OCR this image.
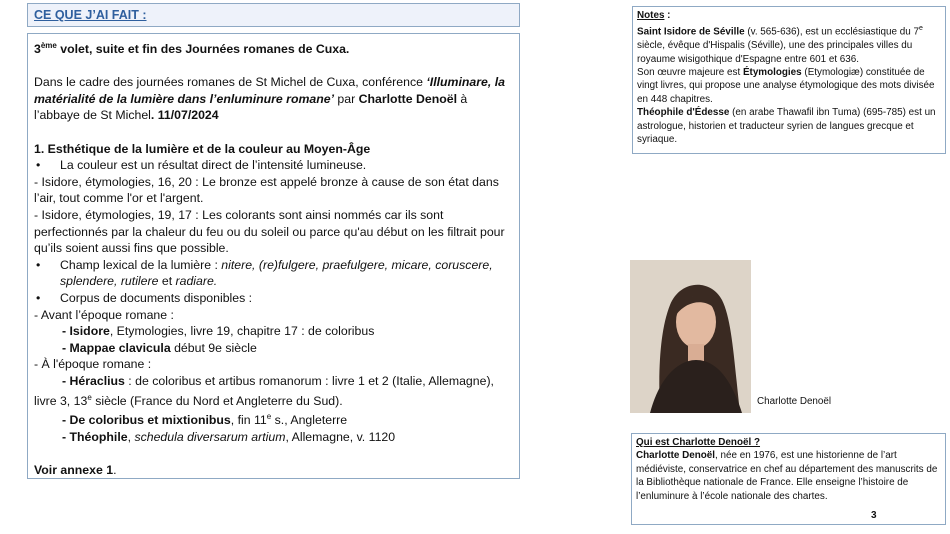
CE QUE J’AI FAIT :

3ème volet, suite et fin des Journées romanes de Cuxa.

Dans le cadre des journées romanes de St Michel de Cuxa, conférence ‘Illuminare, la matérialité de la lumière dans l’enluminure romane’ par Charlotte Denoël à l’abbaye de St Michel. 11/07/2024

1. Esthétique de la lumière et de la couleur au Moyen-Âge

•	La couleur est un résultat direct de l’intensité lumineuse.

- Isidore, étymologies, 16, 20 : Le bronze est appelé bronze à cause de son état dans l’air, tout comme l'or et l'argent.

- Isidore, étymologies, 19, 17 : Les colorants sont ainsi nommés car ils sont perfectionnés par la chaleur du feu ou du soleil ou parce qu'au début on les filtrait pour qu’ils soient aussi fins que possible.

•	Champ lexical de la lumière : nitere, (re)fulgere, praefulgere, micare, coruscere, splendere, rutilere et radiare.
•	Corpus de documents disponibles :

- Avant l’époque romane :

- Isidore, Etymologies, livre 19, chapitre 17 : de coloribus

- Mappae clavicula début 9e siècle

- À l'époque romane :

- Héraclius : de coloribus et artibus romanorum : livre 1 et 2 (Italie, Allemagne), livre 3, 13e siècle (France du Nord et Angleterre du Sud).

- De coloribus et mixtionibus, fin 11e s., Angleterre

- Théophile, schedula diversarum artium, Allemagne, v. 1120

Voir annexe 1.

Notes :

Saint Isidore de Séville (v. 565-636), est un ecclésiastique du 7e siècle, évêque d'Hispalis (Séville), une des principales villes du royaume wisigothique d'Espagne entre 601 et 636.

Son œuvre majeure est Étymologies (Etymologiæ) constituée de vingt livres, qui propose une analyse étymologique des mots divisée en 448 chapitres.

Théophile d'Édesse (en arabe Thawafil ibn Tuma) (695-785) est un astrologue, historien et traducteur syrien de langues grecque et syriaque.

Charlotte Denoël

Qui est Charlotte Denoël ?

Charlotte Denoël, née en 1976, est une historienne de l’art médiéviste, conservatrice en chef au département des manuscrits de la Bibliothèque nationale de France. Elle enseigne l’histoire de l’enluminure à l’école nationale des chartes.

3
